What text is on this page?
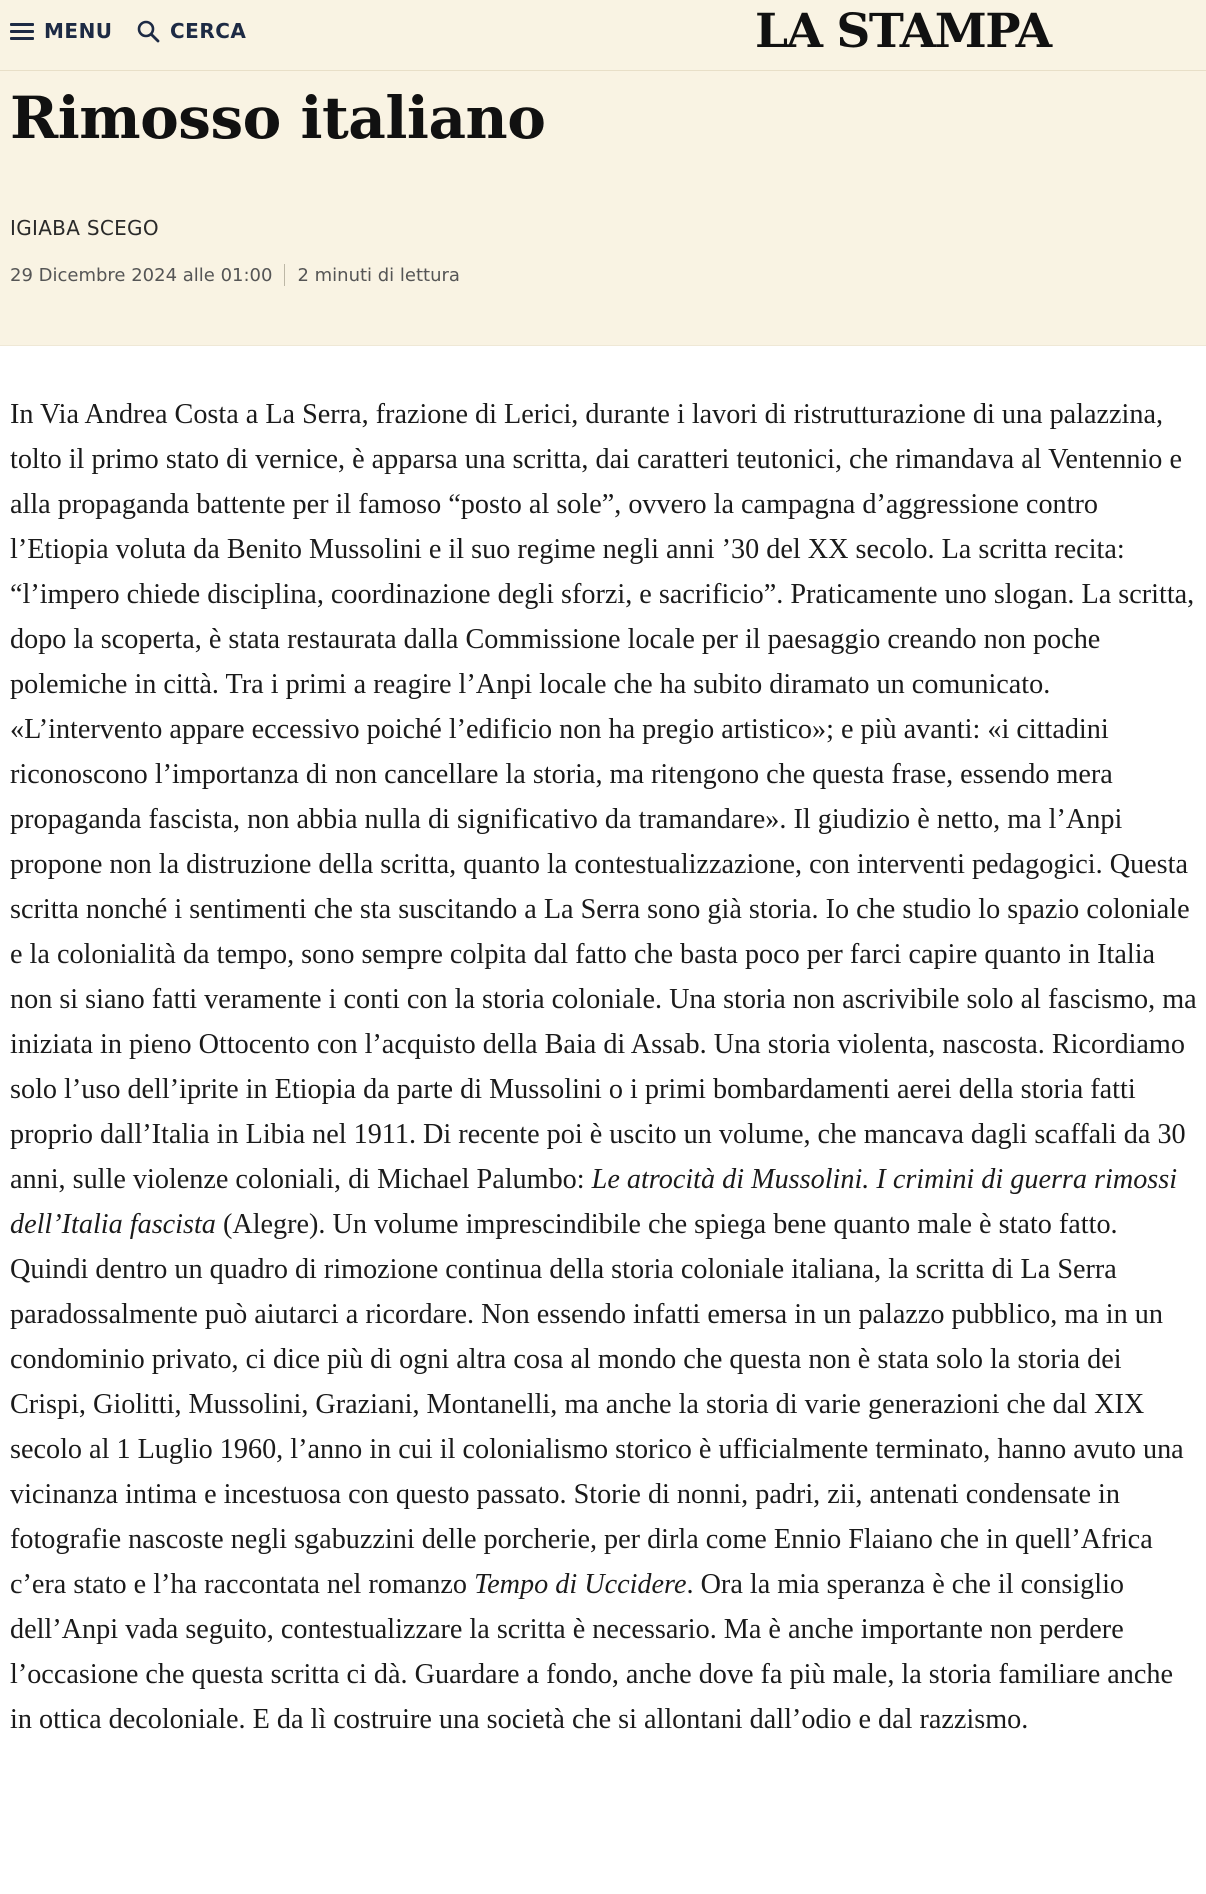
MENU	CERCA	LA STAMPA
Rimosso italiano
IGIABA SCEGO
29 Dicembre 2024 alle 01:00 2 minuti di lettura

In Via Andrea Costa a La Serra, frazione di Lerici, durante i lavori di ristrutturazione di una palazzina, tolto il primo stato di vernice, è apparsa una scritta, dai caratteri teutonici, che rimandava al Ventennio e alla propaganda battente per il famoso “posto al sole”, ovvero la campagna d’aggressione contro l’Etiopia voluta da Benito Mussolini e il suo regime negli anni ’30 del XX secolo. La scritta recita: “l’impero chiede disciplina, coordinazione degli sforzi, e sacrificio”. Praticamente uno slogan. La scritta, dopo la scoperta, è stata restaurata dalla Commissione locale per il paesaggio creando non poche polemiche in città. Tra i primi a reagire l’Anpi locale che ha subito diramato un comunicato. «L’intervento appare eccessivo poiché l’edificio non ha pregio artistico»; e più avanti: «i cittadini riconoscono l’importanza di non cancellare la storia, ma ritengono che questa frase, essendo mera propaganda fascista, non abbia nulla di significativo da tramandare». Il giudizio è netto, ma l’Anpi propone non la distruzione della scritta, quanto la contestualizzazione, con interventi pedagogici. Questa scritta nonché i sentimenti che sta suscitando a La Serra sono già storia. Io che studio lo spazio coloniale e la colonialità da tempo, sono sempre colpita dal fatto che basta poco per farci capire quanto in Italia non si siano fatti veramente i conti con la storia coloniale. Una storia non ascrivibile solo al fascismo, ma iniziata in pieno Ottocento con l’acquisto della Baia di Assab. Una storia violenta, nascosta. Ricordiamo solo l’uso dell’iprite in Etiopia da parte di Mussolini o i primi bombardamenti aerei della storia fatti proprio dall’Italia in Libia nel 1911. Di recente poi è uscito un volume, che mancava dagli scaffali da 30 anni, sulle violenze coloniali, di Michael Palumbo: Le atrocità di Mussolini. I crimini di guerra rimossi dell’Italia fascista (Alegre). Un volume imprescindibile che spiega bene quanto male è stato fatto. Quindi dentro un quadro di rimozione continua della storia coloniale italiana, la scritta di La Serra paradossalmente può aiutarci a ricordare. Non essendo infatti emersa in un palazzo pubblico, ma in un condominio privato, ci dice più di ogni altra cosa al mondo che questa non è stata solo la storia dei Crispi, Giolitti, Mussolini, Graziani, Montanelli, ma anche la storia di varie generazioni che dal XIX secolo al 1 Luglio 1960, l’anno in cui il colonialismo storico è ufficialmente terminato, hanno avuto una vicinanza intima e incestuosa con questo passato. Storie di nonni, padri, zii, antenati condensate in fotografie nascoste negli sgabuzzini delle porcherie, per dirla come Ennio Flaiano che in quell’Africa c’era stato e l’ha raccontata nel romanzo Tempo di Uccidere. Ora la mia speranza è che il consiglio dell’Anpi vada seguito, contestualizzare la scritta è necessario. Ma è anche importante non perdere l’occasione che questa scritta ci dà. Guardare a fondo, anche dove fa più male, la storia familiare anche in ottica decoloniale. E da lì costruire una società che si allontani dall’odio e dal razzismo.
